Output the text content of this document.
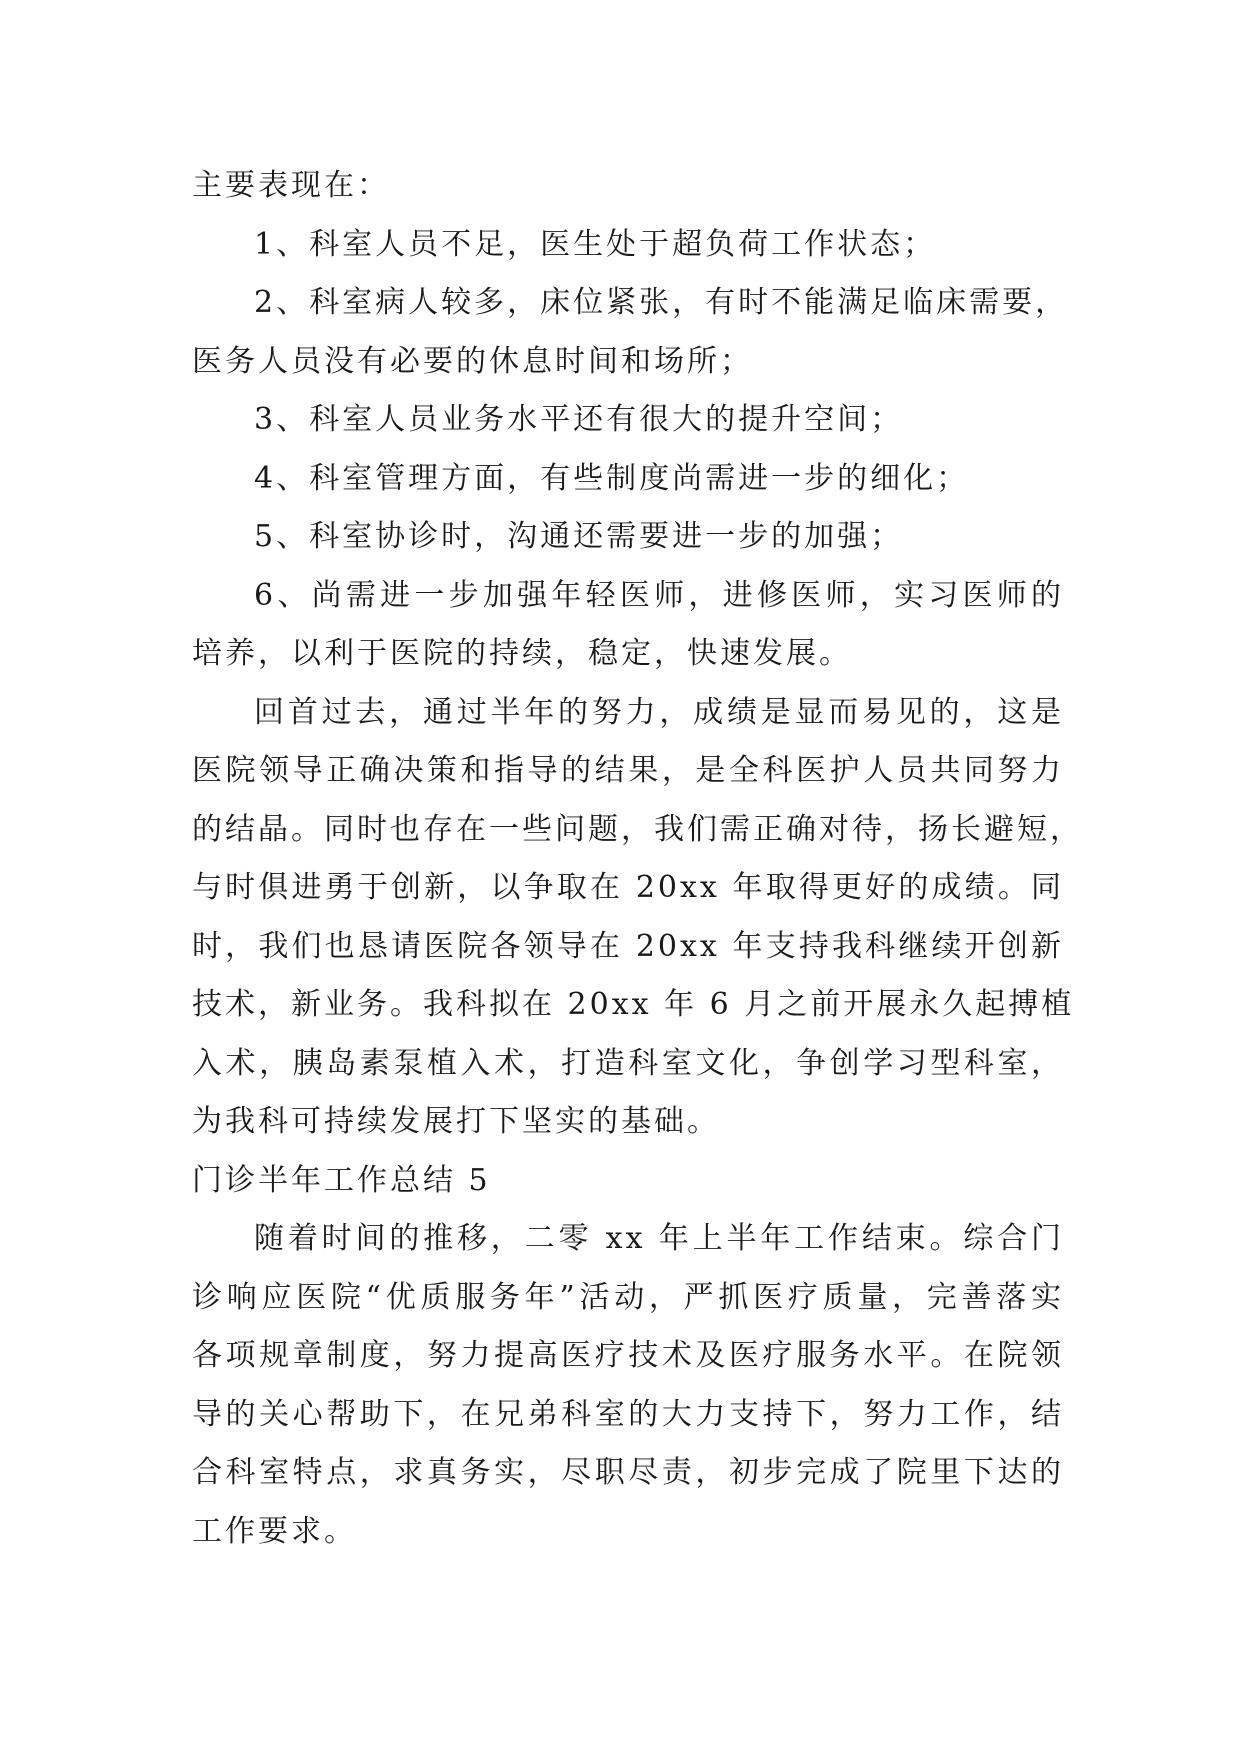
主要表现在：
1、科室人员不足，医生处于超负荷工作状态；
2、科室病人较多，床位紧张，有时不能满足临床需要，
医务人员没有必要的休息时间和场所；
3、科室人员业务水平还有很大的提升空间；
4、科室管理方面，有些制度尚需进一步的细化；
5、科室协诊时，沟通还需要进一步的加强；
6、尚需进一步加强年轻医师，进修医师，实习医师的
培养，以利于医院的持续，稳定，快速发展。
回首过去，通过半年的努力，成绩是显而易见的，这是
医院领导正确决策和指导的结果，是全科医护人员共同努力
的结晶。同时也存在一些问题，我们需正确对待，扬长避短，
与时俱进勇于创新，以争取在 20xx 年取得更好的成绩。同
时，我们也恳请医院各领导在 20xx 年支持我科继续开创新
技术，新业务。我科拟在 20xx 年 6 月之前开展永久起搏植
入术，胰岛素泵植入术，打造科室文化，争创学习型科室，
为我科可持续发展打下坚实的基础。
门诊半年工作总结 5
随着时间的推移，二零 xx 年上半年工作结束。综合门
诊响应医院“优质服务年”活动，严抓医疗质量，完善落实
各项规章制度，努力提高医疗技术及医疗服务水平。在院领
导的关心帮助下，在兄弟科室的大力支持下，努力工作，结
合科室特点，求真务实，尽职尽责，初步完成了院里下达的
工作要求。
